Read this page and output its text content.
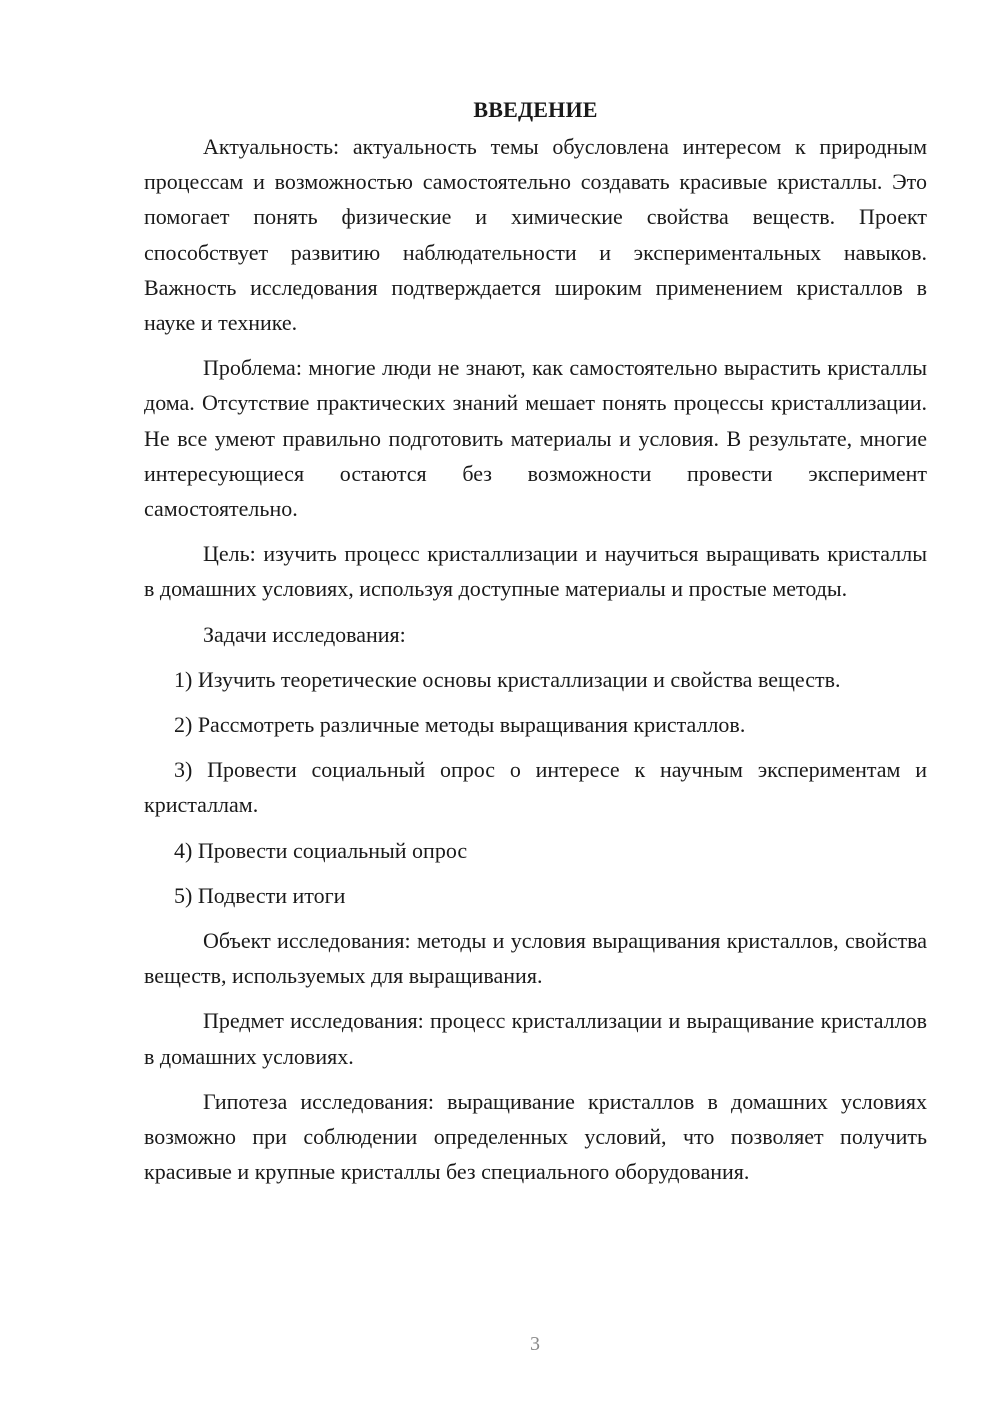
ВВЕДЕНИЕ

Актуальность: актуальность темы обусловлена интересом к природным процессам и возможностью самостоятельно создавать красивые кристаллы. Это помогает понять физические и химические свойства веществ. Проект способствует развитию наблюдательности и экспериментальных навыков. Важность исследования подтверждается широким применением кристаллов в науке и технике.

Проблема: многие люди не знают, как самостоятельно вырастить кристаллы дома. Отсутствие практических знаний мешает понять процессы кристаллизации. Не все умеют правильно подготовить материалы и условия. В результате, многие интересующиеся остаются без возможности провести эксперимент самостоятельно.

Цель: изучить процесс кристаллизации и научиться выращивать кристаллы в домашних условиях, используя доступные материалы и простые методы.

Задачи исследования:

1) Изучить теоретические основы кристаллизации и свойства веществ.

2) Рассмотреть различные методы выращивания кристаллов.

3) Провести социальный опрос о интересе к научным экспериментам и кристаллам.

4) Провести социальный опрос

5) Подвести итоги

Объект исследования: методы и условия выращивания кристаллов, свойства веществ, используемых для выращивания.

Предмет исследования: процесс кристаллизации и выращивание кристаллов в домашних условиях.

Гипотеза исследования: выращивание кристаллов в домашних условиях возможно при соблюдении определенных условий, что позволяет получить красивые и крупные кристаллы без специального оборудования.

3
